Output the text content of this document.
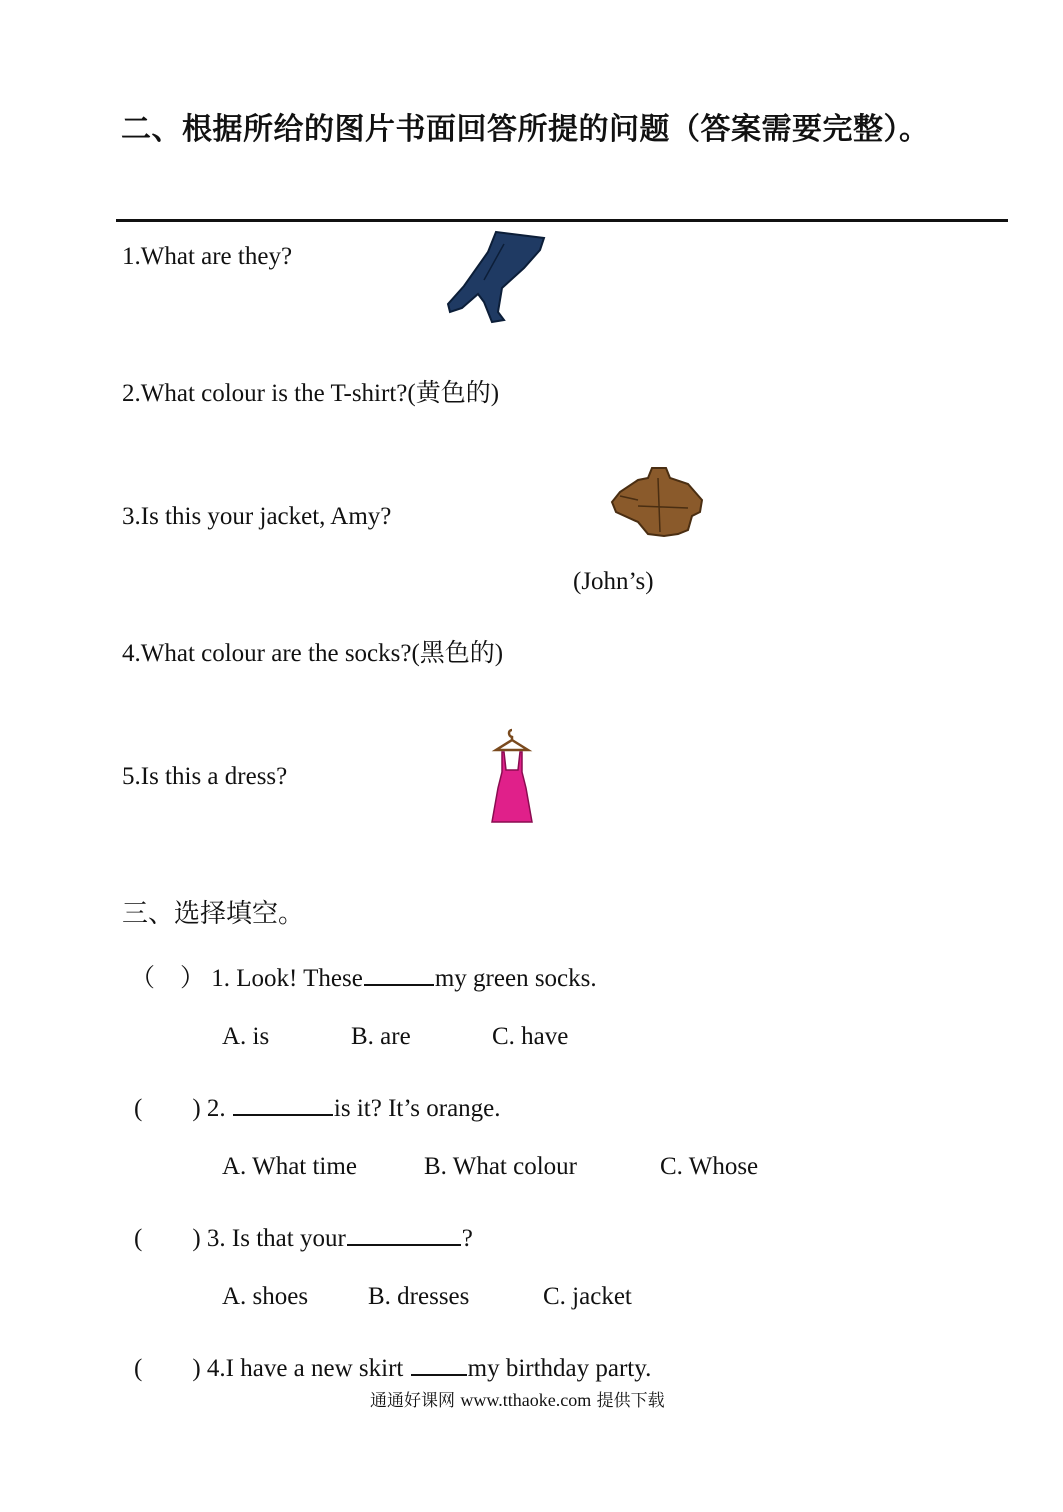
二、根据所给的图片书面回答所提的问题（答案需要完整）。
1.What are they?
2.What colour is the T-shirt?(黄色的)
3.Is this your jacket, Amy?
(John’s)
4.What colour are the socks?(黑色的)
5.Is this a dress?
三、选择填空。
（　） 1. Look! These	my green socks.
A. is	B. are	C. have
(　　) 2.	is it? It’s orange.
A. What time	B. What colour	C. Whose
(　　) 3. Is that your	?
A. shoes B. dresses	C. jacket
(　　) 4.I have a new skirt	my birthday party.
通通好课网 www.tthaoke.com 提供下载
